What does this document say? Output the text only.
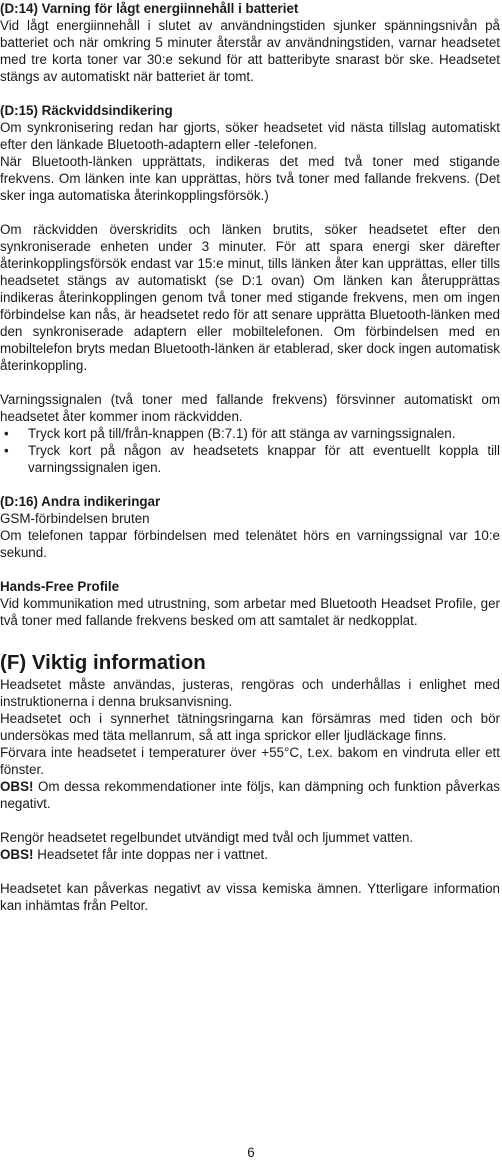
(D:14) Varning för lågt energiinnehåll i batteriet

Vid lågt energiinnehåll i slutet av användningstiden sjunker spänningsnivån på batteriet och när omkring 5 minuter återstår av användningstiden, varnar headsetet med tre korta toner var 30:e sekund för att batteribyte snarast bör ske. Headsetet stängs av automatiskt när batteriet är tomt.

(D:15) Räckviddsindikering

Om synkronisering redan har gjorts, söker headsetet vid nästa tillslag automatiskt efter den länkade Bluetooth-adaptern eller -telefonen.

När Bluetooth-länken upprättats, indikeras det med två toner med stigande frekvens. Om länken inte kan upprättas, hörs två toner med fallande frekvens. (Det sker inga automatiska återinkopplingsförsök.)

Om räckvidden överskridits och länken brutits, söker headsetet efter den synkroniserade enheten under 3 minuter. För att spara energi sker därefter återinkopplingsförsök endast var 15:e minut, tills länken åter kan upprättas, eller tills headsetet stängs av automatiskt (se D:1 ovan) Om länken kan återupprättas indikeras återinkopplingen genom två toner med stigande frekvens, men om ingen förbindelse kan nås, är headsetet redo för att senare upprätta Bluetooth-länken med den synkroniserade adaptern eller mobiltelefonen. Om förbindelsen med en mobiltelefon bryts medan Bluetooth-länken är etablerad, sker dock ingen automatisk återinkoppling.

Varningssignalen (två toner med fallande frekvens) försvinner automatiskt om headsetet åter kommer inom räckvidden.

• Tryck kort på till/från-knappen (B:7.1) för att stänga av varningssignalen.
• Tryck kort på någon av headsetets knappar för att eventuellt koppla till varningssignalen igen.

(D:16) Andra indikeringar

GSM-förbindelsen bruten

Om telefonen tappar förbindelsen med telenätet hörs en varningssignal var 10:e sekund.

Hands-Free Profile

Vid kommunikation med utrustning, som arbetar med Bluetooth Headset Profile, ger två toner med fallande frekvens besked om att samtalet är nedkopplat.

(F) Viktig information

Headsetet måste användas, justeras, rengöras och underhållas i enlighet med instruktionerna i denna bruksanvisning.

Headsetet och i synnerhet tätningsringarna kan försämras med tiden och bör undersökas med täta mellanrum, så att inga sprickor eller ljudläckage finns.

Förvara inte headsetet i temperaturer över +55°C, t.ex. bakom en vindruta eller ett fönster.

OBS! Om dessa rekommendationer inte följs, kan dämpning och funktion påverkas negativt.

Rengör headsetet regelbundet utvändigt med tvål och ljummet vatten.

OBS! Headsetet får inte doppas ner i vattnet.

Headsetet kan påverkas negativt av vissa kemiska ämnen. Ytterligare information kan inhämtas från Peltor.

6
